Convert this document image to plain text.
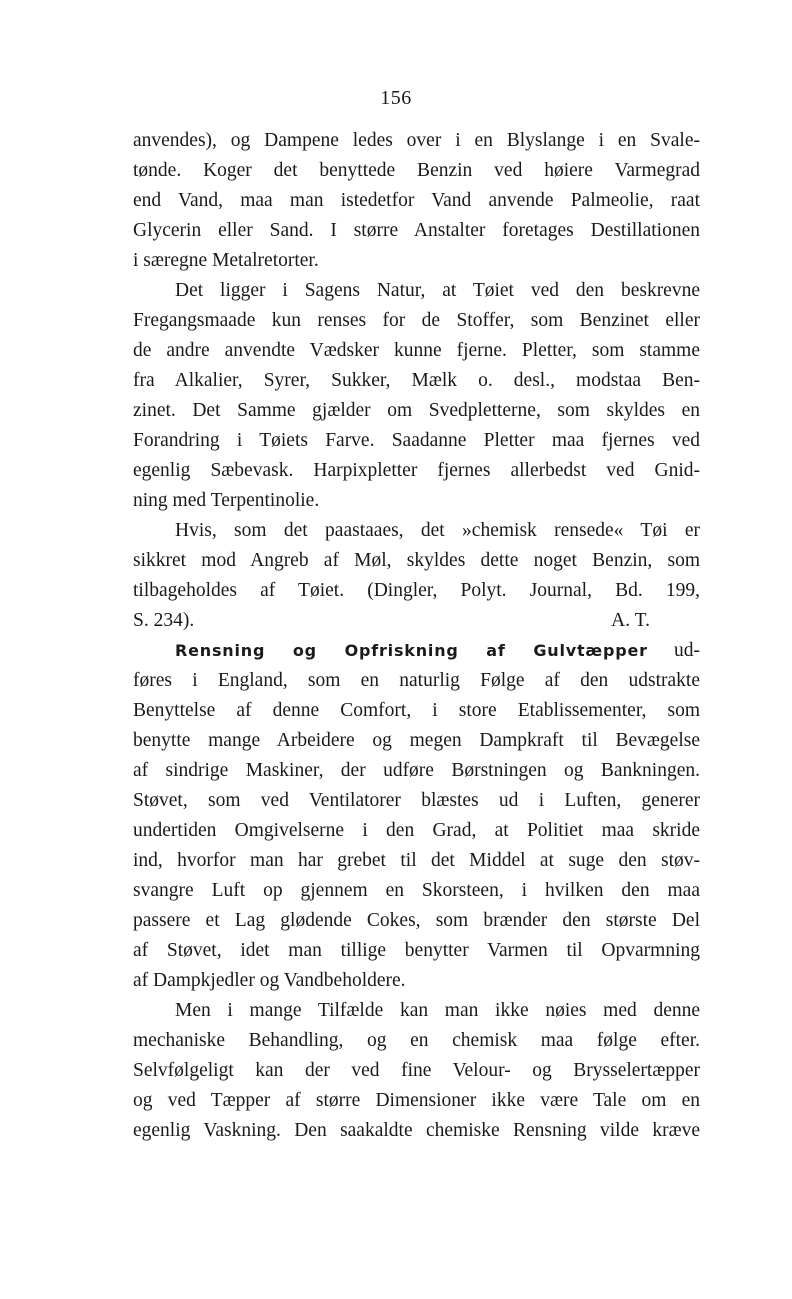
156
anvendes), og Dampene ledes over i en Blyslange i en Svale-
tønde. Koger det benyttede Benzin ved høiere Varmegrad
end Vand, maa man istedetfor Vand anvende Palmeolie, raat
Glycerin eller Sand. I større Anstalter foretages Destillationen
i særegne Metalretorter.
Det ligger i Sagens Natur, at Tøiet ved den beskrevne
Fregangsmaade kun renses for de Stoffer, som Benzinet eller
de andre anvendte Vædsker kunne fjerne. Pletter, som stamme
fra Alkalier, Syrer, Sukker, Mælk o. desl., modstaa Ben-
zinet. Det Samme gjælder om Svedpletterne, som skyldes en
Forandring i Tøiets Farve. Saadanne Pletter maa fjernes ved
egenlig Sæbevask. Harpixpletter fjernes allerbedst ved Gnid-
ning med Terpentinolie.
Hvis, som det paastaaes, det »chemisk rensede« Tøi er
sikkret mod Angreb af Møl, skyldes dette noget Benzin, som
tilbageholdes af Tøiet. (Dingler, Polyt. Journal, Bd. 199,
S. 234).	A. T.
Rensning og Opfriskning af Gulvtæpper ud-
føres i England, som en naturlig Følge af den udstrakte
Benyttelse af denne Comfort, i store Etablissementer, som
benytte mange Arbeidere og megen Dampkraft til Bevægelse
af sindrige Maskiner, der udføre Børstningen og Bankningen.
Støvet, som ved Ventilatorer blæstes ud i Luften, generer
undertiden Omgivelserne i den Grad, at Politiet maa skride
ind, hvorfor man har grebet til det Middel at suge den støv-
svangre Luft op gjennem en Skorsteen, i hvilken den maa
passere et Lag glødende Cokes, som brænder den største Del
af Støvet, idet man tillige benytter Varmen til Opvarmning
af Dampkjedler og Vandbeholdere.
Men i mange Tilfælde kan man ikke nøies med denne
mechaniske Behandling, og en chemisk maa følge efter.
Selvfølgeligt kan der ved fine Velour- og Brysselertæpper
og ved Tæpper af større Dimensioner ikke være Tale om en
egenlig Vaskning. Den saakaldte chemiske Rensning vilde kræve
